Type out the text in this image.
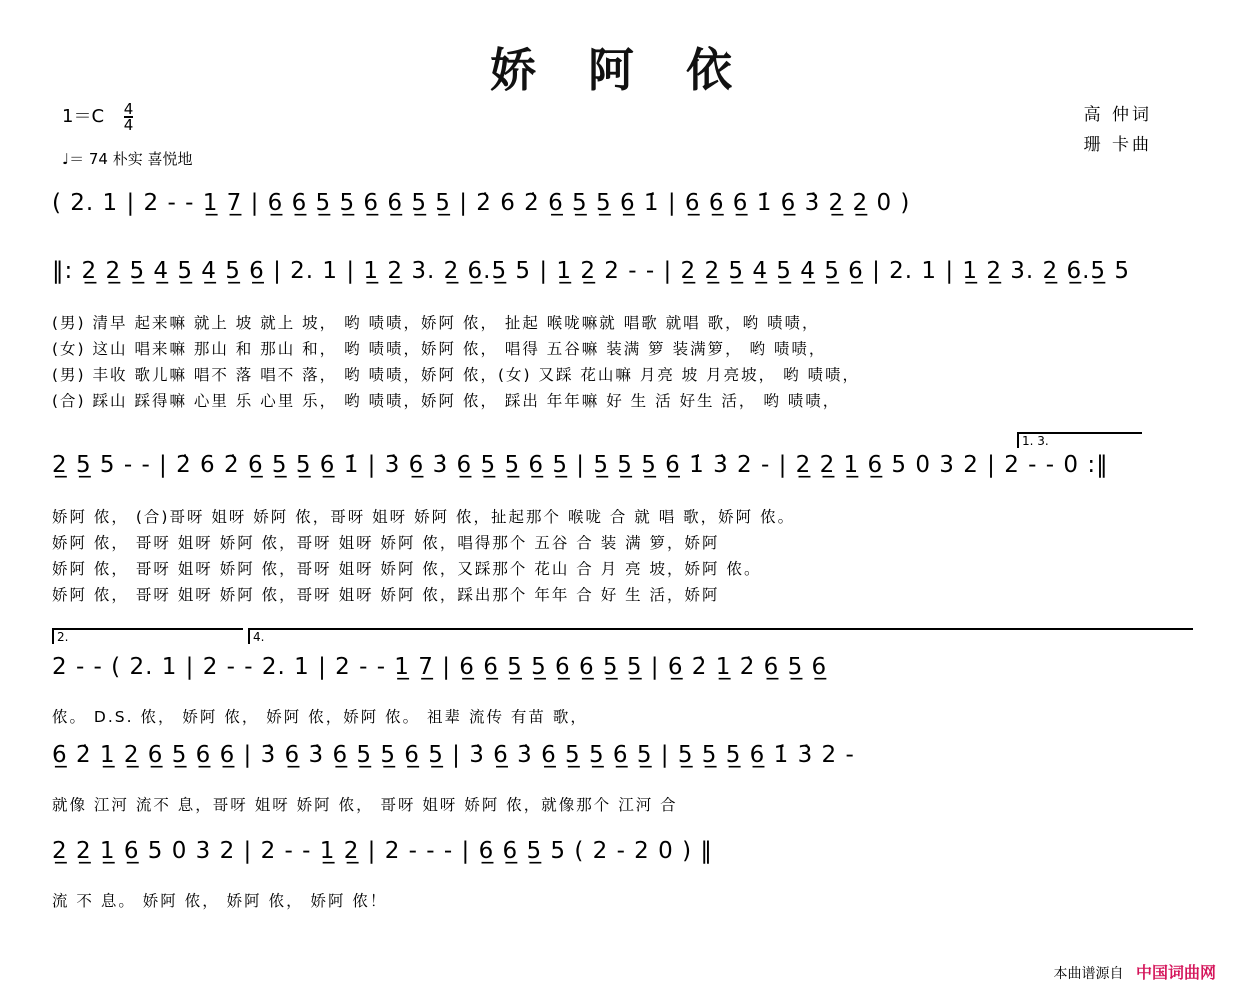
娇 阿 依
高 仲词
珊 卡曲
$1=C \frac{4}{4}$
♩＝ 74 朴实 喜悦地
( 2. 1 | 2 - - 1̲ 7̲ | 6̲ 6̲ 5̲ 5̲ 6̲ 6̲ 5̲ 5̲ | 2̇ 6 2̇ 6̲ 5̲ 5̲ 6̲ 1̇ | 6̲ 6̲ 6̲ 1̇ 6̲ 3̇ 2̲ 2̲ 0 )
‖: 2̲ 2̲ 5̲ 4̲ 5̲ 4̲ 5̲ 6̲ | 2. 1 | 1̲ 2̲ 3. 2̲ 6̲.5̲ 5 | 1̲ 2̲ 2 - - | 2̲ 2̲ 5̲ 4̲ 5̲ 4̲ 5̲ 6̲ | 2. 1 | 1̲ 2̲ 3. 2̲ 6̲.5̲ 5
(男) 清早 起来嘛 就上 坡 就上 坡， 哟 啧啧，娇阿 侬， 扯起 喉咙嘛就 唱歌 就唱 歌，哟 啧啧，
(女) 这山 唱来嘛 那山 和 那山 和， 哟 啧啧，娇阿 侬， 唱得 五谷嘛 装满 箩 装满箩， 哟 啧啧，
(男) 丰收 歌儿嘛 唱不 落 唱不 落， 哟 啧啧，娇阿 侬，(女) 又踩 花山嘛 月亮 坡 月亮坡， 哟 啧啧，
(合) 踩山 踩得嘛 心里 乐 心里 乐， 哟 啧啧，娇阿 侬， 踩出 年年嘛 好 生 活 好生 活， 哟 啧啧，
1. 3.
2̲ 5̲ 5 - - | 2̇ 6 2̇ 6̲ 5̲ 5̲ 6̲ 1̇ | 3̇ 6̲ 3̇ 6̲ 5̲ 5̲ 6̲ 5̲ | 5̲ 5̲ 5̲ 6̲ 1̇ 3̇ 2 - | 2̲ 2̲ 1̲ 6̲ 5 0 3 2 | 2 - - 0 :‖
娇阿 侬， (合)哥呀 姐呀 娇阿 侬，哥呀 姐呀 娇阿 侬，扯起那个 喉咙 合 就 唱 歌，娇阿 侬。
娇阿 侬， 哥呀 姐呀 娇阿 侬，哥呀 姐呀 娇阿 侬，唱得那个 五谷 合 装 满 箩，娇阿
娇阿 侬， 哥呀 姐呀 娇阿 侬，哥呀 姐呀 娇阿 侬，又踩那个 花山 合 月 亮 坡，娇阿 侬。
娇阿 侬， 哥呀 姐呀 娇阿 侬，哥呀 姐呀 娇阿 侬，踩出那个 年年 合 好 生 活，娇阿
2.	4.
2 - - ( 2. 1 | 2 - - 2. 1 | 2 - - 1̲ 7̲ | 6̲ 6̲ 5̲ 5̲ 6̲ 6̲ 5̲ 5̲ | 6̲ 2̇ 1̲ 2̇ 6̲ 5̲ 6̲
侬。 D.S. 侬， 娇阿 侬， 娇阿 侬，娇阿 侬。 祖辈 流传 有苗 歌，
6̲ 2̇ 1̲ 2̲ 6̲ 5̲ 6̲ 6̲ | 3̇ 6̲ 3̇ 6̲ 5̲ 5̲ 6̲ 5̲ | 3̇ 6̲ 3̇ 6̲ 5̲ 5̲ 6̲ 5̲ | 5̲ 5̲ 5̲ 6̲ 1̇ 3̇ 2 -
就像 江河 流不 息，哥呀 姐呀 娇阿 侬， 哥呀 姐呀 娇阿 侬，就像那个 江河 合
2̲ 2̲ 1̲ 6̲ 5 0 3 2 | 2 - - 1̲ 2̲ | 2 - - - | 6̲ 6̲ 5̲ 5 ( 2 - 2 0 ) ‖
流 不 息。 娇阿 侬， 娇阿 侬， 娇阿 侬！
本曲谱源自 中国词曲网
